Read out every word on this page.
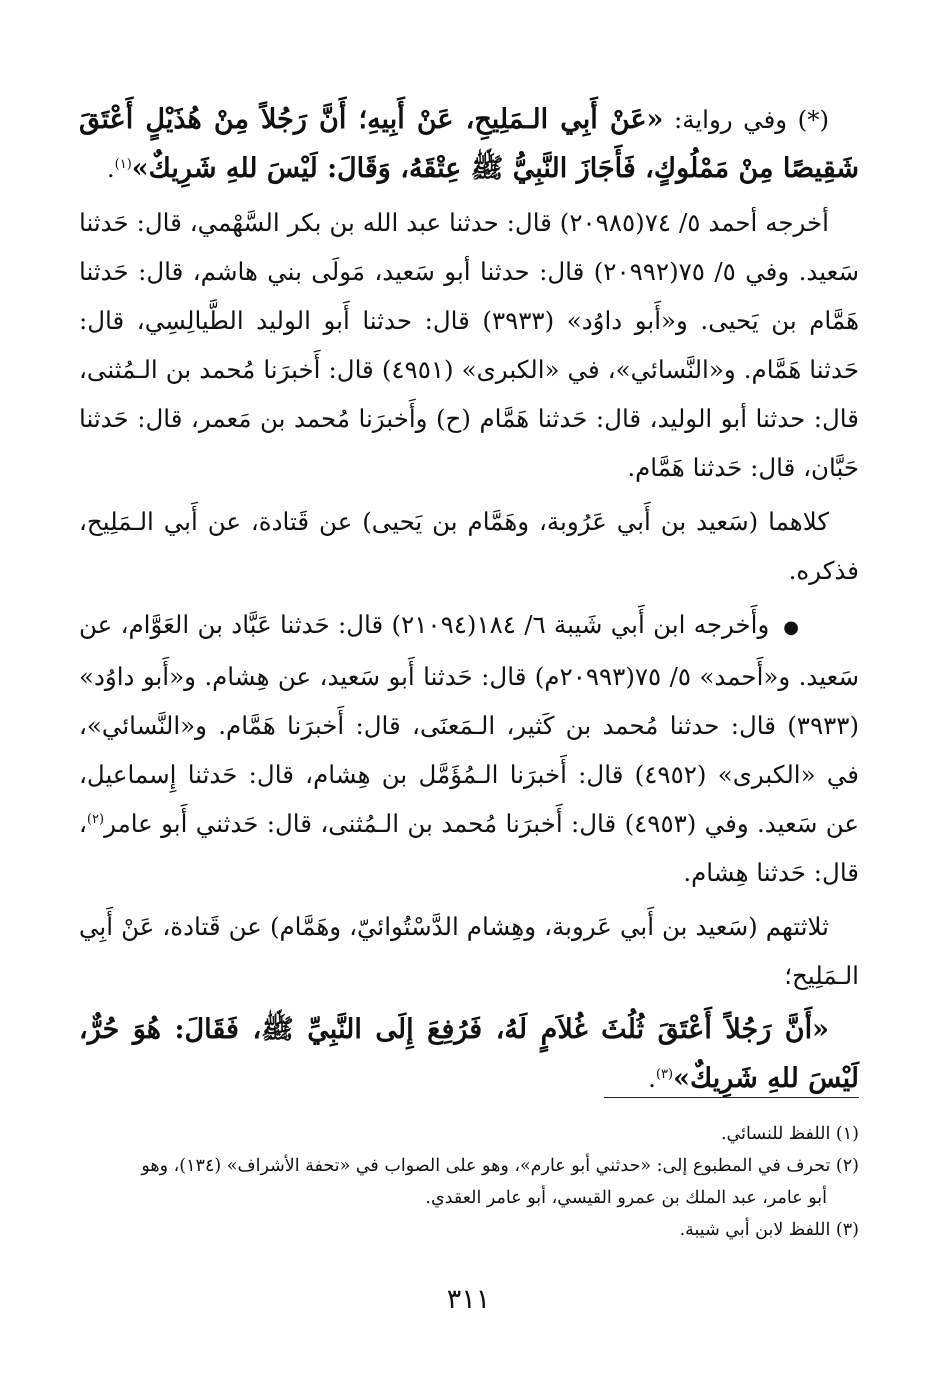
(*) وفي رواية: «عَنْ أَبِي الـمَلِيحِ، عَنْ أَبِيهِ؛ أَنَّ رَجُلاً مِنْ هُذَيْلٍ أَعْتَقَ شَقِيصًا مِنْ مَمْلُوكٍ، فَأَجَازَ النَّبِيُّ ﷺ عِتْقَهُ، وَقَالَ: لَيْسَ للهِ شَرِيكٌ»$^{(١)}$.

أخرجه أحمد ٥/ ٧٤(٢٠٩٨٥) قال: حدثنا عبد الله بن بكر السَّهْمي، قال: حَدثنا سَعيد. وفي ٥/ ٧٥(٢٠٩٩٢) قال: حدثنا أبو سَعيد، مَولَى بني هاشم، قال: حَدثنا هَمَّام بن يَحيى. و«أَبو داوُد» (٣٩٣٣) قال: حدثنا أَبو الوليد الطَّيالِسِي، قال: حَدثنا هَمَّام. و«النَّسائي»، في «الكبرى» (٤٩٥١) قال: أَخبرَنا مُحمد بن الـمُثنى، قال: حدثنا أبو الوليد، قال: حَدثنا هَمَّام (ح) وأَخبرَنا مُحمد بن مَعمر، قال: حَدثنا حَبَّان، قال: حَدثنا هَمَّام.

كلاهما (سَعيد بن أَبي عَرُوبة، وهَمَّام بن يَحيى) عن قَتادة، عن أَبي الـمَلِيح، فذكره.

●وأَخرجه ابن أَبي شَيبة ٦/ ١٨٤(٢١٠٩٤) قال: حَدثنا عَبَّاد بن العَوَّام، عن سَعيد. و«أَحمد» ٥/ ٧٥(٢٠٩٩٣م) قال: حَدثنا أَبو سَعيد، عن هِشام. و«أَبو داوُد» (٣٩٣٣) قال: حدثنا مُحمد بن كَثير، الـمَعنَى، قال: أَخبرَنا هَمَّام. و«النَّسائي»، في «الكبرى» (٤٩٥٢) قال: أَخبرَنا الـمُؤَمَّل بن هِشام، قال: حَدثنا إِسماعيل، عن سَعيد. وفي (٤٩٥٣) قال: أَخبرَنا مُحمد بن الـمُثنى، قال: حَدثني أَبو عامر$^{(٢)}$، قال: حَدثنا هِشام.

ثلاثتهم (سَعيد بن أَبي عَروبة، وهِشام الدَّسْتُوائيّ، وهَمَّام) عن قَتادة، عَنْ أَبِي الـمَلِيح؛

«أَنَّ رَجُلاً أَعْتَقَ ثُلُثَ غُلاَمٍ لَهُ، فَرُفِعَ إِلَى النَّبِيِّ ﷺ، فَقَالَ: هُوَ حُرٌّ، لَيْسَ للهِ شَرِيكٌ»$^{(٣)}$.

(١) اللفظ للنسائي.

(٢) تحرف في المطبوع إلى: «حدثني أبو عارم»، وهو على الصواب في «تحفة الأشراف» (١٣٤)، وهو
أبو عامر، عبد الملك بن عمرو القيسي، أبو عامر العقدي.

(٣) اللفظ لابن أبي شيبة.

٣١١
